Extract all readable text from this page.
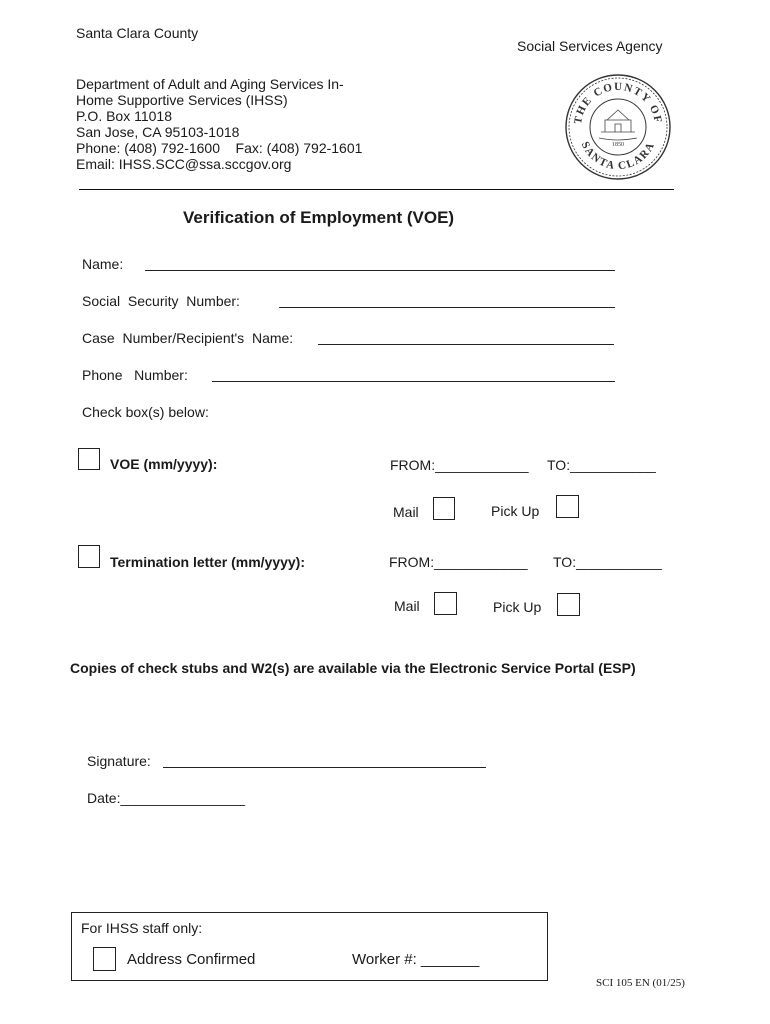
Santa Clara County
Social Services Agency
Department of Adult and Aging Services In-
Home Supportive Services (IHSS)
P.O. Box 11018
San Jose, CA 95103-1018
Phone: (408) 792-1600    Fax: (408) 792-1601
Email: IHSS.SCC@ssa.sccgov.org
THE COUNTY OF
SANTA CLARA
1850
Verification of Employment (VOE)
Name:
Social  Security  Number:
Case  Number/Recipient's  Name:
Phone   Number:
Check box(s) below:
VOE (mm/yyyy):	FROM:____________ TO:___________
Mail	Pick Up
Termination letter (mm/yyyy):	FROM:____________ TO:___________
Mail	Pick Up
Copies of check stubs and W2(s) are available via the Electronic Service Portal (ESP)
Signature:
Date:________________
For IHSS staff only:
Address Confirmed	Worker #: _______
SCI 105 EN (01/25)
